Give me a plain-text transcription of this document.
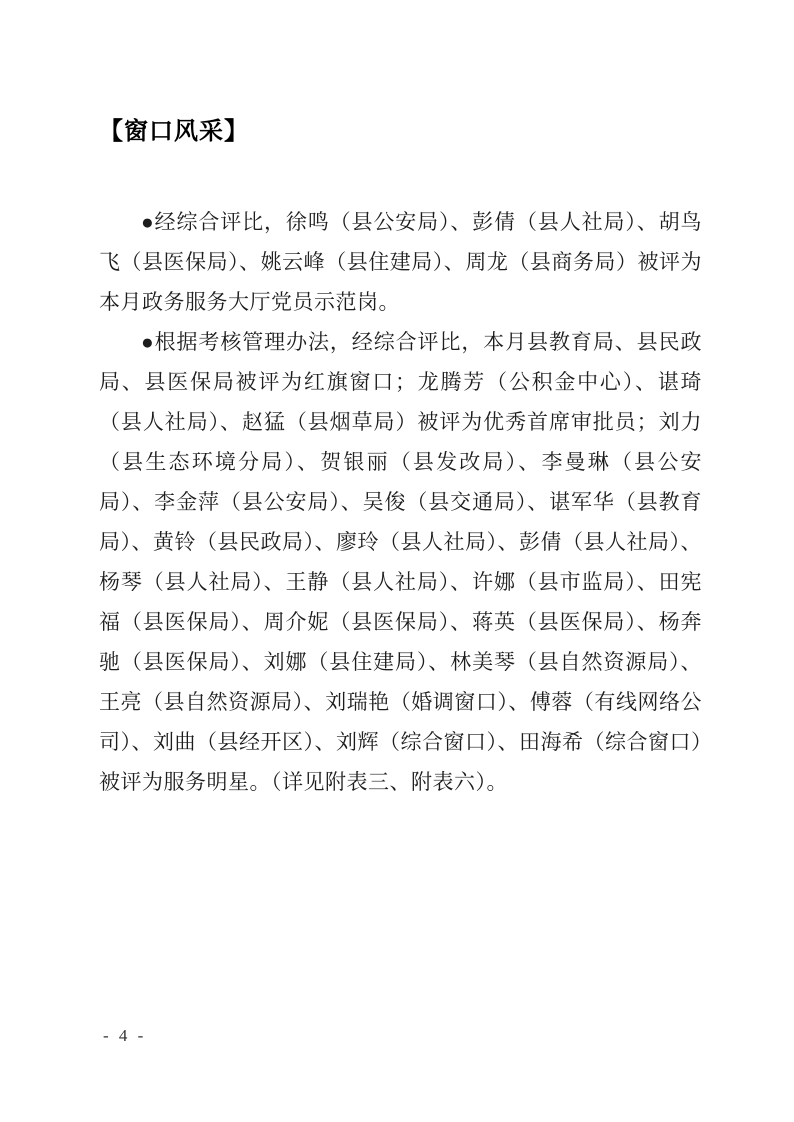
【窗口风采】

●经综合评比，徐鸣（县公安局）、彭倩（县人社局）、胡鸟飞（县医保局）、姚云峰（县住建局）、周龙（县商务局）被评为本月政务服务大厅党员示范岗。

●根据考核管理办法，经综合评比，本月县教育局、县民政局、县医保局被评为红旗窗口；龙腾芳（公积金中心）、谌琦（县人社局）、赵猛（县烟草局）被评为优秀首席审批员；刘力（县生态环境分局）、贺银丽（县发改局）、李曼琳（县公安局）、李金萍（县公安局）、吴俊（县交通局）、谌军华（县教育局）、黄铃（县民政局）、廖玲（县人社局）、彭倩（县人社局）、杨琴（县人社局）、王静（县人社局）、许娜（县市监局）、田宪福（县医保局）、周介妮（县医保局）、蒋英（县医保局）、杨奔驰（县医保局）、刘娜（县住建局）、林美琴（县自然资源局）、王亮（县自然资源局）、刘瑞艳（婚调窗口）、傅蓉（有线网络公司）、刘曲（县经开区）、刘辉（综合窗口）、田海希（综合窗口）被评为服务明星。（详见附表三、附表六）。

- 4 -
